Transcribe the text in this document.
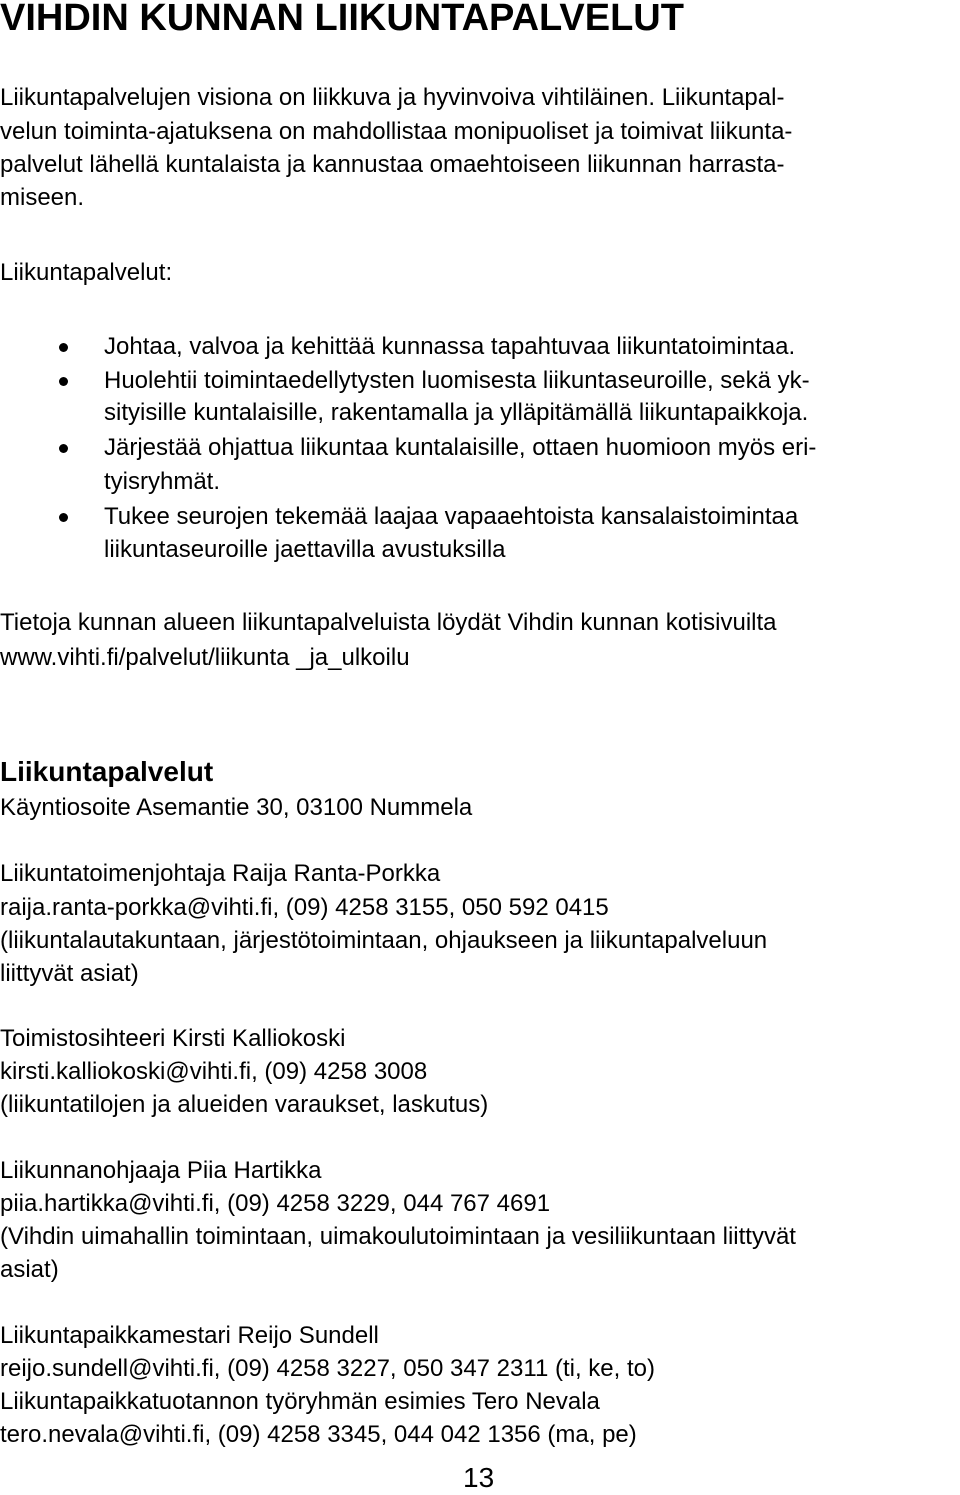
VIHDIN KUNNAN LIIKUNTAPALVELUT
Liikuntapalvelujen visiona on liikkuva ja hyvinvoiva vihtiläinen. Liikuntapal-
velun toiminta-ajatuksena on mahdollistaa monipuoliset ja toimivat liikunta-
palvelut lähellä kuntalaista ja kannustaa omaehtoiseen liikunnan harrasta-
miseen.
Liikuntapalvelut:
Johtaa, valvoa ja kehittää kunnassa tapahtuvaa liikuntatoimintaa.
Huolehtii toimintaedellytysten luomisesta liikuntaseuroille, sekä yk-
sityisille kuntalaisille, rakentamalla ja ylläpitämällä liikuntapaikkoja.
Järjestää ohjattua liikuntaa kuntalaisille, ottaen huomioon myös eri-
tyisryhmät.
Tukee seurojen tekemää laajaa vapaaehtoista kansalaistoimintaa
liikuntaseuroille jaettavilla avustuksilla
Tietoja kunnan alueen liikuntapalveluista löydät Vihdin kunnan kotisivuilta
www.vihti.fi/palvelut/liikunta _ja_ulkoilu
Liikuntapalvelut
Käyntiosoite Asemantie 30, 03100 Nummela
Liikuntatoimenjohtaja Raija Ranta-Porkka
raija.ranta-porkka@vihti.fi, (09) 4258 3155, 050 592 0415
(liikuntalautakuntaan, järjestötoimintaan, ohjaukseen ja liikuntapalveluun
liittyvät asiat)
Toimistosihteeri Kirsti Kalliokoski
kirsti.kalliokoski@vihti.fi, (09) 4258 3008
(liikuntatilojen ja alueiden varaukset, laskutus)
Liikunnanohjaaja Piia Hartikka
piia.hartikka@vihti.fi, (09) 4258 3229, 044 767 4691
(Vihdin uimahallin toimintaan, uimakoulutoimintaan ja vesiliikuntaan liittyvät
asiat)
Liikuntapaikkamestari Reijo Sundell
reijo.sundell@vihti.fi, (09) 4258 3227, 050 347 2311 (ti, ke, to)
Liikuntapaikkatuotannon työryhmän esimies Tero Nevala
tero.nevala@vihti.fi, (09) 4258 3345, 044 042 1356 (ma, pe)
13
